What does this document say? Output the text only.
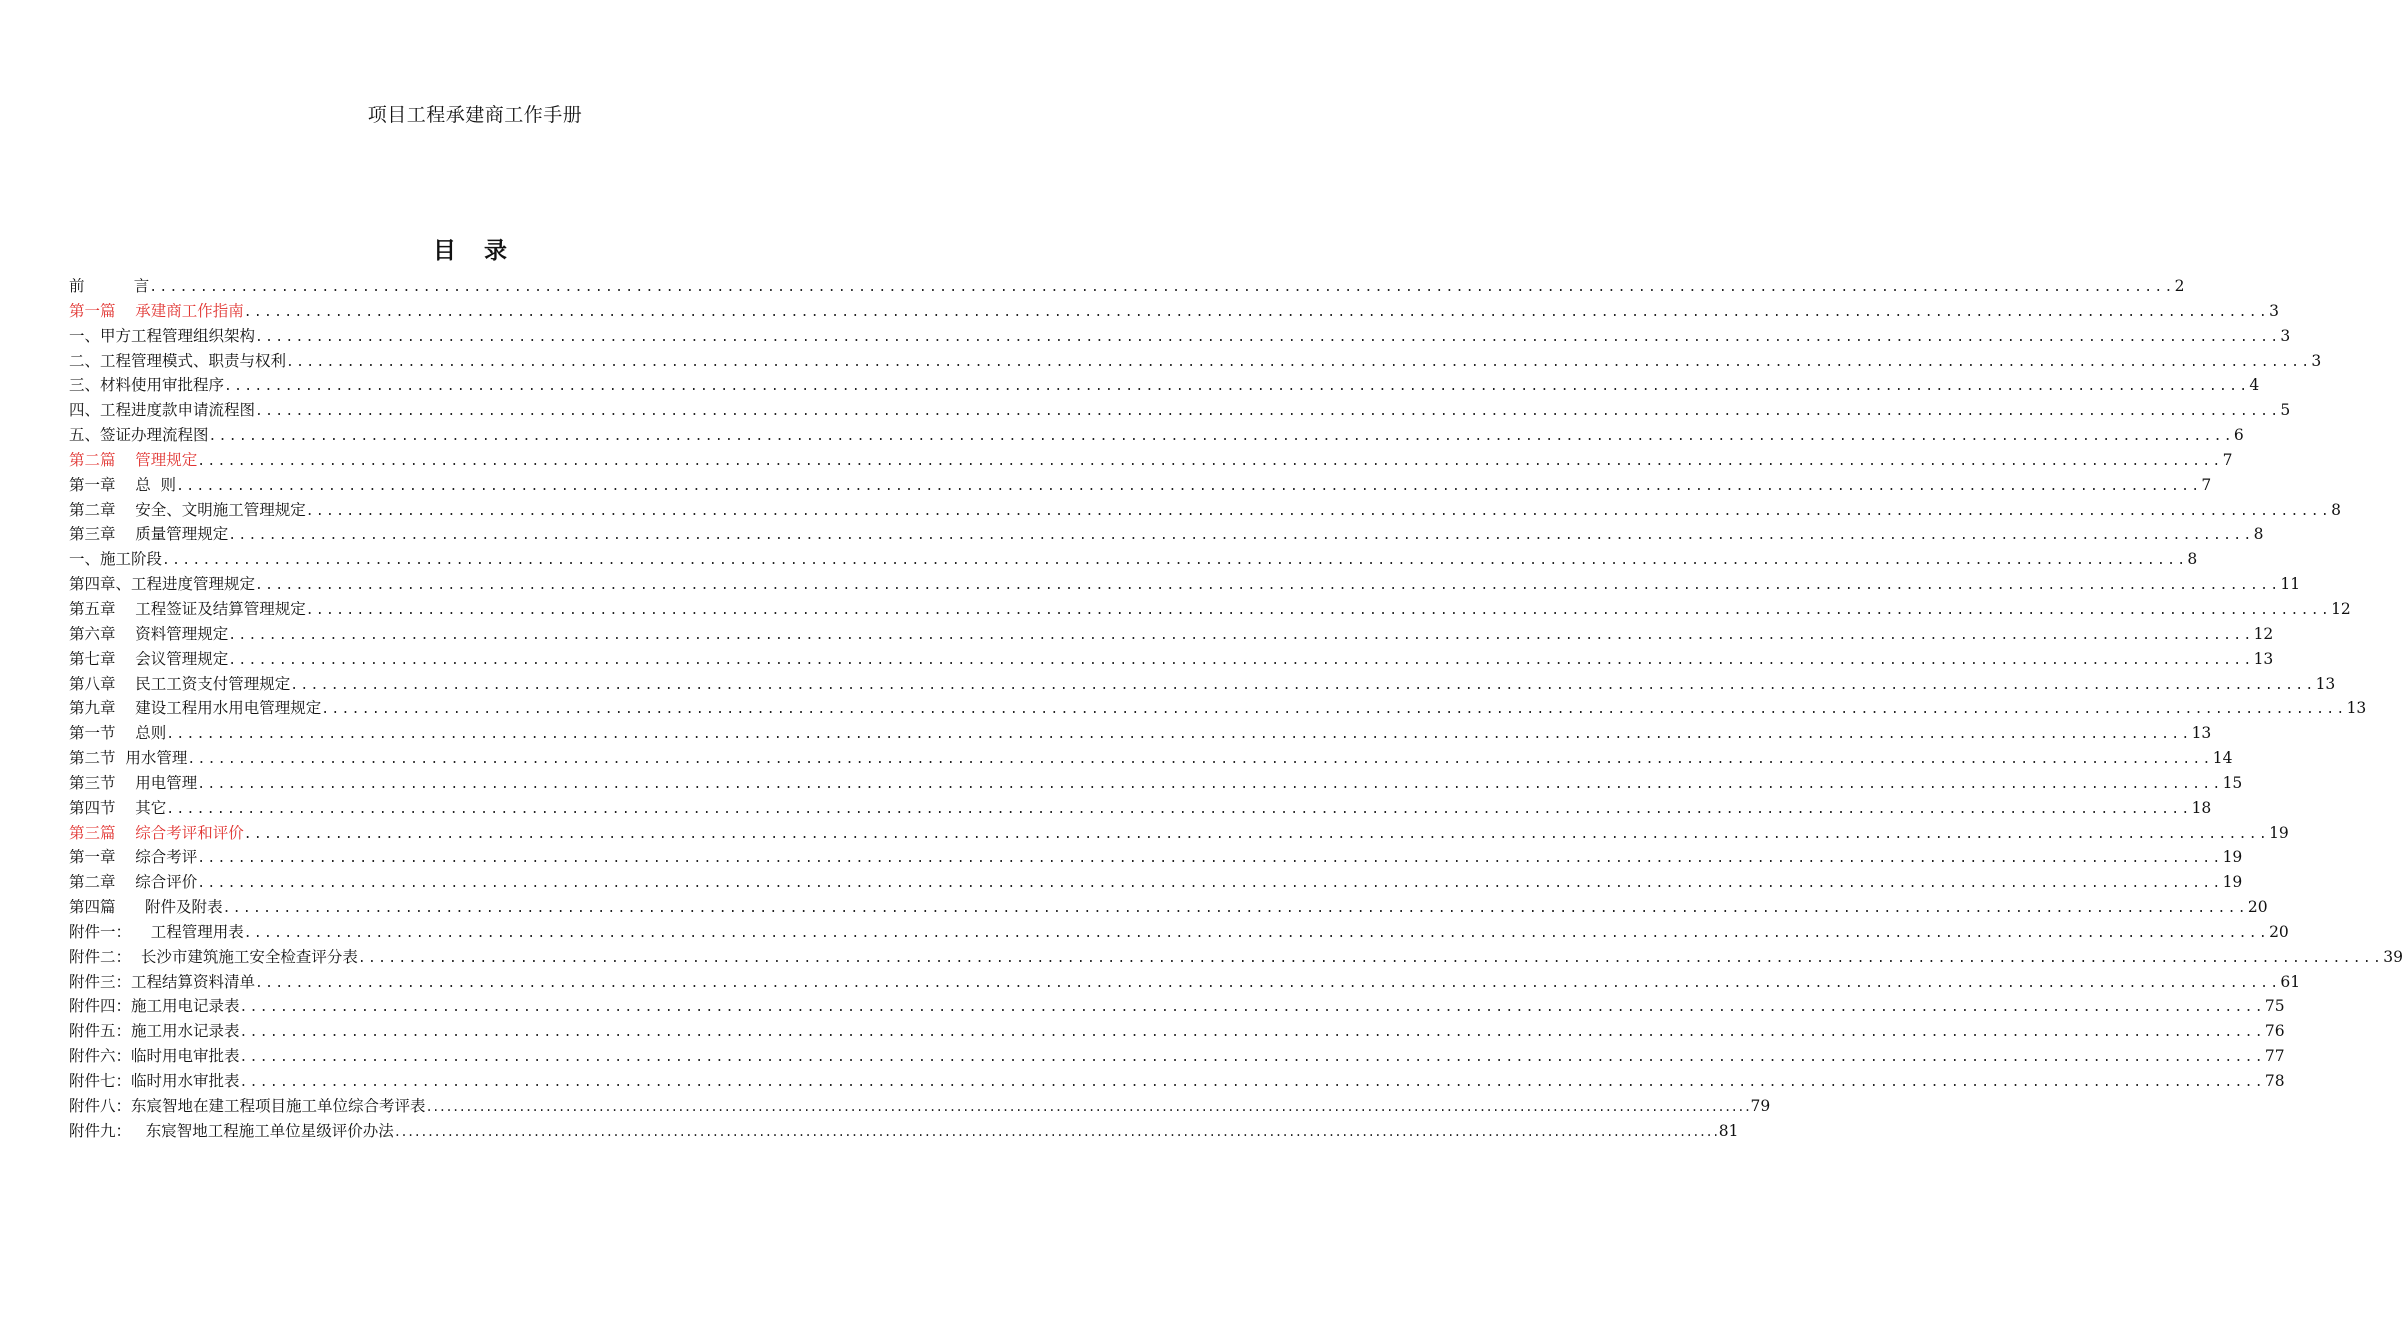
项目工程承建商工作手册
目 录
前          言 ........................................................................................................................................................................................................ 2
第一篇    承建商工作指南 ........................................................................................................................................................................................................ 3
一、甲方工程管理组织架构 ........................................................................................................................................................................................................ 3
二、工程管理模式、职责与权利 ........................................................................................................................................................................................................ 3
三、材料使用审批程序 ........................................................................................................................................................................................................ 4
四、工程进度款申请流程图 ........................................................................................................................................................................................................ 5
五、签证办理流程图 ........................................................................................................................................................................................................ 6
第二篇    管理规定 ........................................................................................................................................................................................................ 7
第一章    总  则 ........................................................................................................................................................................................................ 7
第二章    安全、文明施工管理规定 ........................................................................................................................................................................................................ 8
第三章    质量管理规定 ........................................................................................................................................................................................................ 8
一、施工阶段 ........................................................................................................................................................................................................ 8
第四章、工程进度管理规定 ........................................................................................................................................................................................................ 11
第五章    工程签证及结算管理规定 ........................................................................................................................................................................................................ 12
第六章    资料管理规定 ........................................................................................................................................................................................................ 12
第七章    会议管理规定 ........................................................................................................................................................................................................ 13
第八章    民工工资支付管理规定 ........................................................................................................................................................................................................ 13
第九章    建设工程用水用电管理规定 ........................................................................................................................................................................................................ 13
第一节    总则 ........................................................................................................................................................................................................ 13
第二节  用水管理 ........................................................................................................................................................................................................ 14
第三节    用电管理 ........................................................................................................................................................................................................ 15
第四节    其它 ........................................................................................................................................................................................................ 18
第三篇    综合考评和评价 ........................................................................................................................................................................................................ 19
第一章    综合考评 ........................................................................................................................................................................................................ 19
第二章    综合评价 ........................................................................................................................................................................................................ 19
第四篇      附件及附表 ........................................................................................................................................................................................................ 20
附件一：    工程管理用表 ........................................................................................................................................................................................................ 20
附件二：  长沙市建筑施工安全检查评分表 ........................................................................................................................................................................................................ 39
附件三：工程结算资料清单 ........................................................................................................................................................................................................ 61
附件四：施工用电记录表 ........................................................................................................................................................................................................ 75
附件五：施工用水记录表 ........................................................................................................................................................................................................ 76
附件六：临时用电审批表 ........................................................................................................................................................................................................ 77
附件七：临时用水审批表 ........................................................................................................................................................................................................ 78
附件八：东宸智地在建工程项目施工单位综合考评表 ........................................................................................................................................................................................................ 79
附件九：   东宸智地工程施工单位星级评价办法 ........................................................................................................................................................................................................ 81
